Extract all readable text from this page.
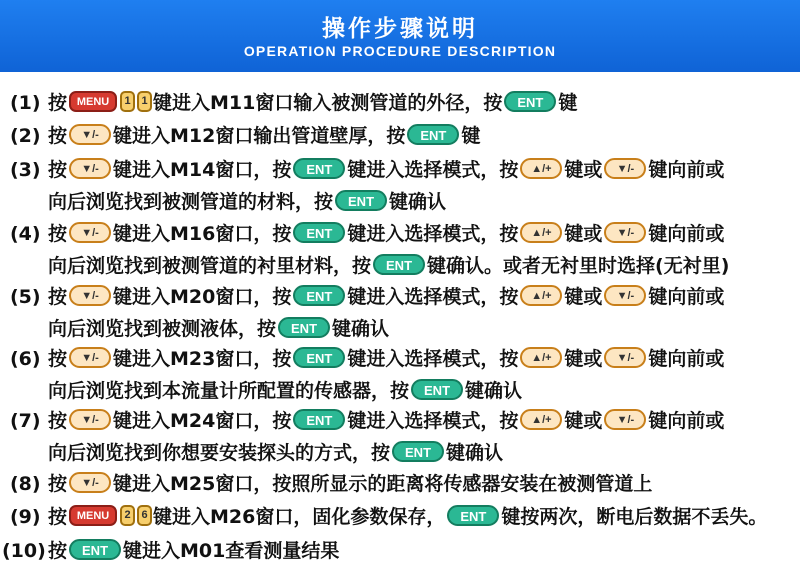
操作步骤说明
OPERATION PROCEDURE DESCRIPTION
(1) 按 MENU 1 1 键进入M11窗口输入被测管道的外径，按 ENT 键
(2) 按 ▼/- 键进入M12窗口输出管道壁厚，按 ENT 键
(3) 按 ▼/- 键进入M14窗口，按 ENT 键进入选择模式，按 ▲/+ 键或 ▼/- 键向前或
向后浏览找到被测管道的材料，按 ENT 键确认
(4) 按 ▼/- 键进入M16窗口，按 ENT 键进入选择模式，按 ▲/+ 键或 ▼/- 键向前或
向后浏览找到被测管道的衬里材料，按 ENT 键确认。或者无衬里时选择(无衬里)
(5) 按 ▼/- 键进入M20窗口，按 ENT 键进入选择模式，按 ▲/+ 键或 ▼/- 键向前或
向后浏览找到被测液体，按 ENT 键确认
(6) 按 ▼/- 键进入M23窗口，按 ENT 键进入选择模式，按 ▲/+ 键或 ▼/- 键向前或
向后浏览找到本流量计所配置的传感器，按 ENT 键确认
(7) 按 ▼/- 键进入M24窗口，按 ENT 键进入选择模式，按 ▲/+ 键或 ▼/- 键向前或
向后浏览找到你想要安装探头的方式，按 ENT 键确认
(8) 按 ▼/- 键进入M25窗口，按照所显示的距离将传感器安装在被测管道上
(9) 按 MENU 2 6 键进入M26窗口，固化参数保存， ENT 键按两次，断电后数据不丢失。
(10) 按 ENT 键进入M01查看测量结果
